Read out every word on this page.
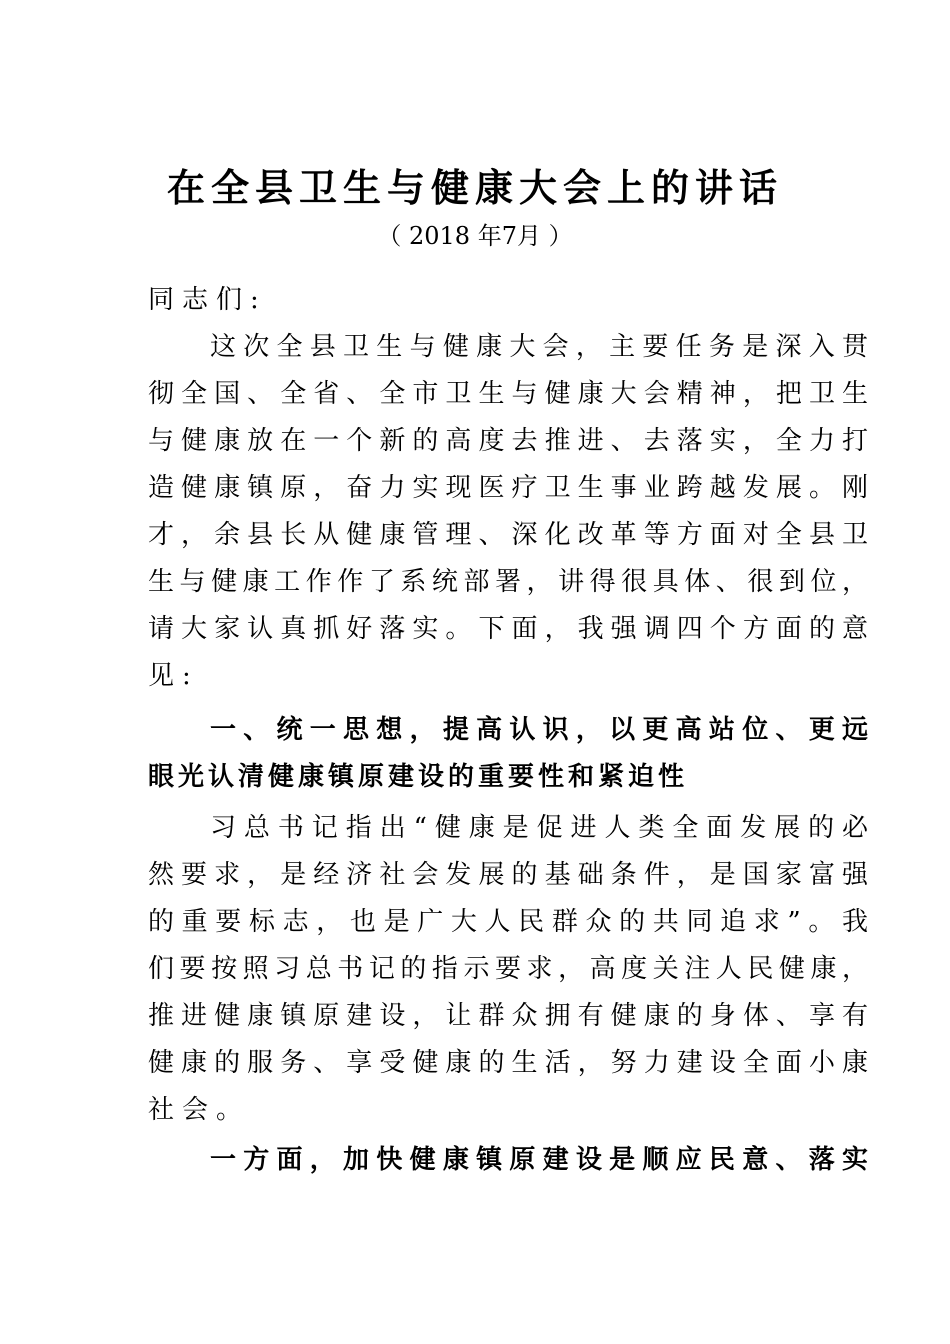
在全县卫生与健康大会上的讲话
（ 2018 年7月 ）
同志们:
这次全县卫生与健康大会，主要任务是深入贯
彻全国、全省、全市卫生与健康大会精神，把卫生
与健康放在一个新的高度去推进、去落实，全力打
造健康镇原，奋力实现医疗卫生事业跨越发展。刚
才，余县长从健康管理、深化改革等方面对全县卫
生与健康工作作了系统部署，讲得很具体、很到位，
请大家认真抓好落实。下面，我强调四个方面的意
见:
一、统一思想，提高认识，以更高站位、更远
眼光认清健康镇原建设的重要性和紧迫性
习总书记指出“健康是促进人类全面发展的必
然要求，是经济社会发展的基础条件，是国家富强
的重要标志，也是广大人民群众的共同追求”。我
们要按照习总书记的指示要求，高度关注人民健康，
推进健康镇原建设，让群众拥有健康的身体、享有
健康的服务、享受健康的生活，努力建设全面小康
社会。
一方面，加快健康镇原建设是顺应民意、落实
